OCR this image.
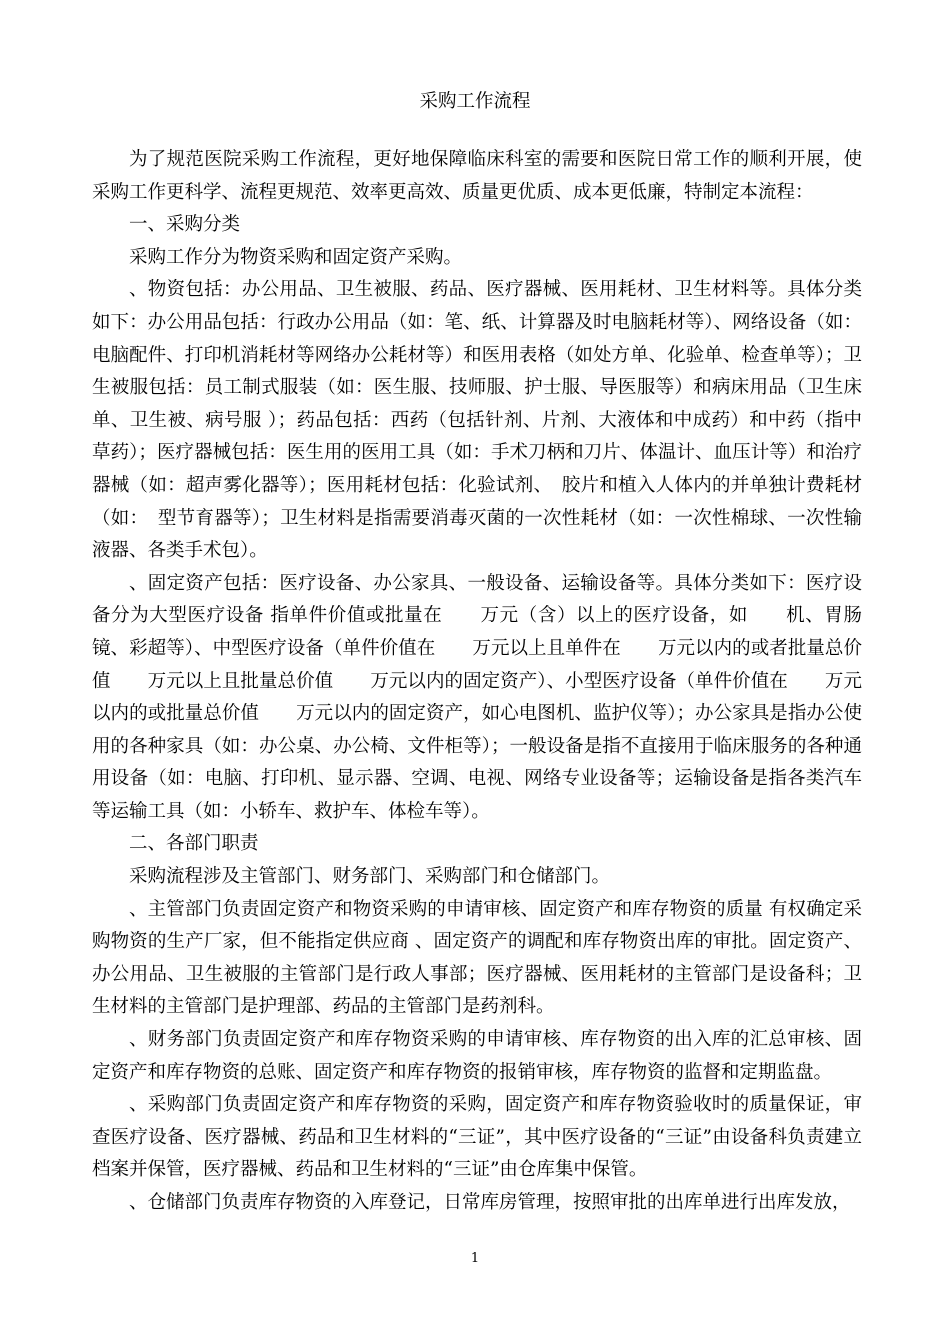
采购工作流程

为了规范医院采购工作流程，更好地保障临床科室的需要和医院日常工作的顺利开展，使采购工作更科学、流程更规范、效率更高效、质量更优质、成本更低廉，特制定本流程：

一、采购分类

采购工作分为物资采购和固定资产采购。

、物资包括：办公用品、卫生被服、药品、医疗器械、医用耗材、卫生材料等。具体分类如下：办公用品包括：行政办公用品（如：笔、纸、计算器及时电脑耗材等）、网络设备（如：电脑配件、打印机消耗材等网络办公耗材等）和医用表格（如处方单、化验单、检查单等）；卫生被服包括：员工制式服装（如：医生服、技师服、护士服、导医服等）和病床用品（卫生床单、卫生被、病号服 ）；药品包括：西药（包括针剂、片剂、大液体和中成药）和中药（指中草药）；医疗器械包括：医生用的医用工具（如：手术刀柄和刀片、体温计、血压计等）和治疗器械（如：超声雾化器等）；医用耗材包括：化验试剂、　胶片和植入人体内的并单独计费耗材（如：　型节育器等）；卫生材料是指需要消毒灭菌的一次性耗材（如：一次性棉球、一次性输液器、各类手术包）。

、固定资产包括：医疗设备、办公家具、一般设备、运输设备等。具体分类如下：医疗设备分为大型医疗设备 指单件价值或批量在　　万元（含）以上的医疗设备，如　　机、胃肠镜、彩超等）、中型医疗设备（单件价值在　　万元以上且单件在　　万元以内的或者批量总价值　　万元以上且批量总价值　　万元以内的固定资产）、小型医疗设备（单件价值在　　万元以内的或批量总价值　　万元以内的固定资产，如心电图机、监护仪等）；办公家具是指办公使用的各种家具（如：办公桌、办公椅、文件柜等）；一般设备是指不直接用于临床服务的各种通用设备（如：电脑、打印机、显示器、空调、电视、网络专业设备等；运输设备是指各类汽车等运输工具（如：小轿车、救护车、体检车等）。

二、各部门职责

采购流程涉及主管部门、财务部门、采购部门和仓储部门。

、主管部门负责固定资产和物资采购的申请审核、固定资产和库存物资的质量 有权确定采购物资的生产厂家，但不能指定供应商 、固定资产的调配和库存物资出库的审批。固定资产、办公用品、卫生被服的主管部门是行政人事部；医疗器械、医用耗材的主管部门是设备科；卫生材料的主管部门是护理部、药品的主管部门是药剂科。

、财务部门负责固定资产和库存物资采购的申请审核、库存物资的出入库的汇总审核、固定资产和库存物资的总账、固定资产和库存物资的报销审核，库存物资的监督和定期监盘。

、采购部门负责固定资产和库存物资的采购，固定资产和库存物资验收时的质量保证，审查医疗设备、医疗器械、药品和卫生材料的“三证”，其中医疗设备的“三证”由设备科负责建立档案并保管，医疗器械、药品和卫生材料的“三证”由仓库集中保管。

、仓储部门负责库存物资的入库登记，日常库房管理，按照审批的出库单进行出库发放，

1
